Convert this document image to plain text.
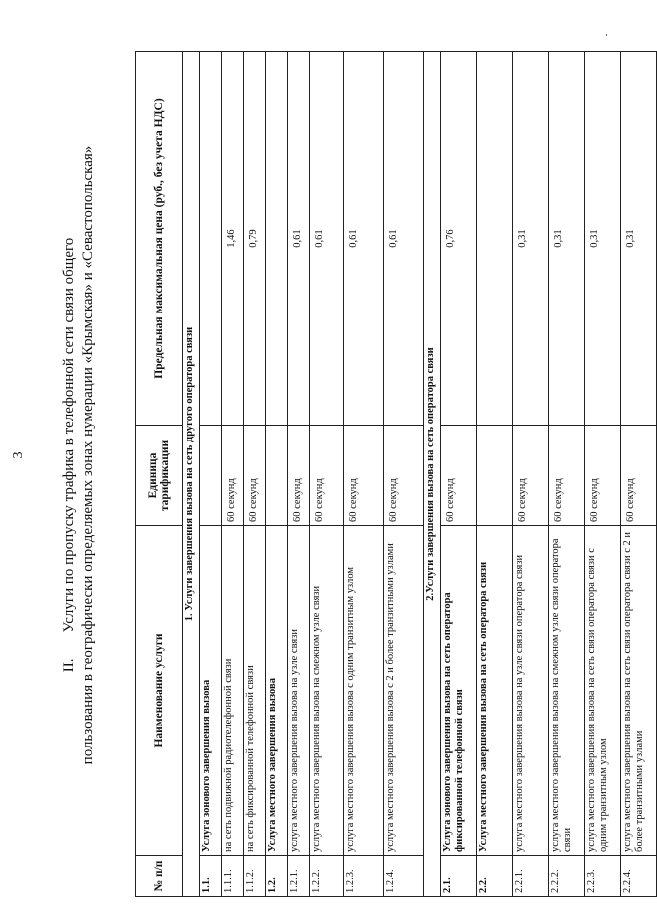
3
II.Услуги по пропуску трафика в телефонной сети связи общего пользования в географически определяемых зонах нумерации «Крымская» и «Севастопольская»
№ п/п	Наименование услуги	Единица тарификации	Предельная максимальная цена (руб., без учета НДС)
1. Услуги завершения вызова на сеть другого оператора связи			
1.1.	Услуга зонового завершения вызова		
1.1.1.	на сеть подвижной радиотелефонной связи	60 секунд	1,46
1.1.2.	на сеть фиксированной телефонной связи	60 секунд	0,79
1.2.	Услуга местного завершения вызова		
1.2.1.	услуга местного завершения вызова на узле связи	60 секунд	0,61
1.2.2.	услуга местного завершения вызова на смежном узле связи	60 секунд	0,61
1.2.3.	услуга местного завершения вызова с одним транзитным узлом	60 секунд	0,61
1.2.4.	услуга местного завершения вызова с 2 и более транзитными узлами	60 секунд	0,61
2.Услуги завершения вызова на сеть оператора связи			
2.1.	Услуга зонового завершения вызова на сеть оператора фиксированной телефонной связи	60 секунд	0,76
2.2.	Услуга местного завершения вызова на сеть оператора связи		
2.2.1.	услуга местного завершения вызова на узле связи оператора связи	60 секунд	0,31
2.2.2.	услуга местного завершения вызова на смежном узле связи оператора связи	60 секунд	0,31
2.2.3.	услуга местного завершения вызова на сеть связи оператора связи с одним транзитным узлом	60 секунд	0,31
2.2.4.	услуга местного завершения вызова на сеть связи оператора связи с 2 и более транзитными узлами	60 секунд	0,31
